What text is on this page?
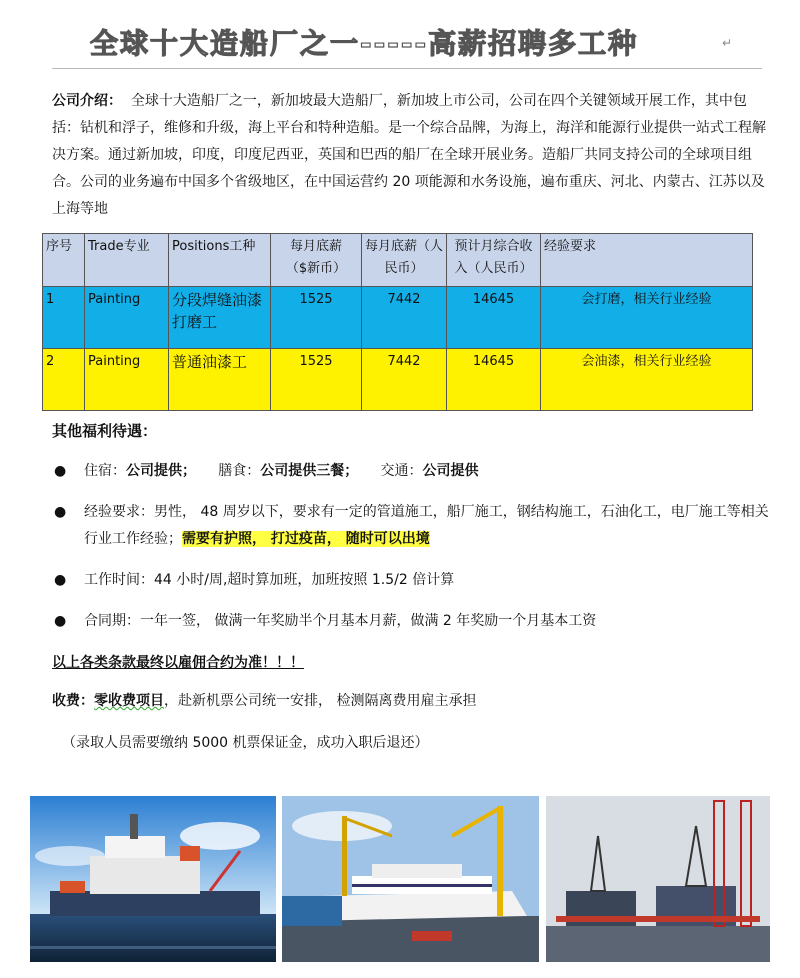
全球十大造船厂之一-----高薪招聘多工种	↵
公司介绍： 全球十大造船厂之一，新加坡最大造船厂，新加坡上市公司，公司在四个关键领域开展工作，其中包括：钻机和浮子，维修和升级，海上平台和特种造船。是一个综合品牌，为海上，海洋和能源行业提供一站式工程解决方案。通过新加坡，印度，印度尼西亚，英国和巴西的船厂在全球开展业务。造船厂共同支持公司的全球项目组合。公司的业务遍布中国多个省级地区，在中国运营约 20 项能源和水务设施，遍布重庆、河北、内蒙古、江苏以及上海等地
序号	Trade专业	Positions工种	每月底薪（$新币）	每月底薪（人民币）	预计月综合收入（人民币）	经验要求
1	Painting	分段焊缝油漆打磨工	1525	7442	14645	会打磨，相关行业经验
2	Painting	普通油漆工	1525	7442	14645	会油漆，相关行业经验
其他福利待遇：
● 住宿：公司提供； 膳食：公司提供三餐； 交通：公司提供
● 经验要求：男性， 48 周岁以下，要求有一定的管道施工，船厂施工，钢结构施工，石油化工，电厂施工等相关行业工作经验；需要有护照， 打过疫苗， 随时可以出境
● 工作时间：44 小时/周,超时算加班，加班按照 1.5/2 倍计算
● 合同期：一年一签， 做满一年奖励半个月基本月薪，做满 2 年奖励一个月基本工资
以上各类条款最终以雇佣合约为准！！！
收费：零收费项目，赴新机票公司统一安排， 检测隔离费用雇主承担
（录取人员需要缴纳 5000 机票保证金，成功入职后退还）
